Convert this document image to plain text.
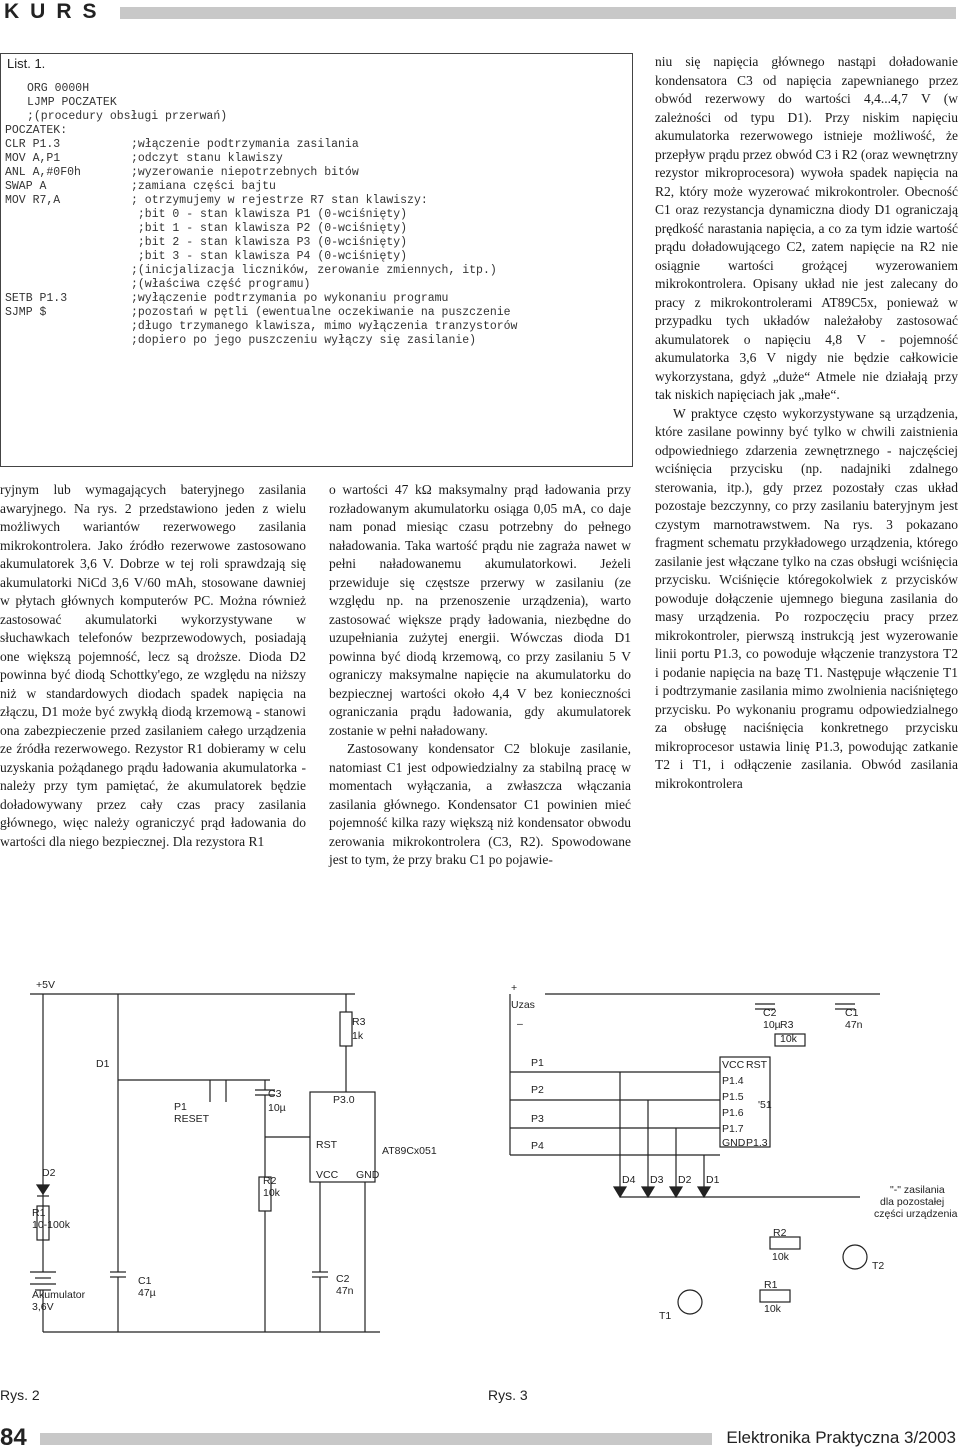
KURS
List. 1.
ORG 0000H
LJMP POCZATEK
;(procedury obsługi przerwań)
POCZATEK:
CLR P1.3	;włączenie podtrzymania zasilania
MOV A,P1	;odczyt stanu klawiszy
ANL A,#0F0h	;wyzerowanie niepotrzebnych bitów
SWAP A	;zamiana części bajtu
MOV R7,A	; otrzymujemy w rejestrze R7 stan klawiszy:
;bit 0 - stan klawisza P1 (0-wciśnięty)
;bit 1 - stan klawisza P2 (0-wciśnięty)
;bit 2 - stan klawisza P3 (0-wciśnięty)
;bit 3 - stan klawisza P4 (0-wciśnięty)
;(inicjalizacja liczników, zerowanie zmiennych, itp.)
;(właściwa część programu)
SETB P1.3	;wyłączenie podtrzymania po wykonaniu programu
SJMP $	;pozostań w pętli (ewentualne oczekiwanie na puszczenie
;długo trzymanego klawisza, mimo wyłączenia tranzystorów
;dopiero po jego puszczeniu wyłączy się zasilanie)

ryjnym lub wymagających bateryjnego zasilania awaryjnego. Na rys. 2 przedstawiono jeden z wielu możliwych wariantów rezerwowego zasilania mikrokontrolera. Jako źródło rezerwowe zastosowano akumulatorek 3,6 V. Dobrze w tej roli sprawdzają się akumulatorki NiCd 3,6 V/60 mAh, stosowane dawniej w płytach głównych komputerów PC. Można również zastosować akumulatorki wykorzystywane w słuchawkach telefonów bezprzewodowych, posiadają one większą pojemność, lecz są droższe. Dioda D2 powinna być diodą Schottky'ego, ze względu na niższy niż w standardowych diodach spadek napięcia na złączu, D1 może być zwykłą diodą krzemową - stanowi ona zabezpieczenie przed zasilaniem całego urządzenia ze źródła rezerwowego. Rezystor R1 dobieramy w celu uzyskania pożądanego prądu ładowania akumulatorka - należy przy tym pamiętać, że akumulatorek będzie doładowywany przez cały czas pracy zasilania głównego, więc należy ograniczyć prąd ładowania do wartości dla niego bezpiecznej. Dla rezystora R1

o wartości 47 kΩ maksymalny prąd ładowania przy rozładowanym akumulatorku osiąga 0,05 mA, co daje nam ponad miesiąc czasu potrzebny do pełnego naładowania. Taka wartość prądu nie zagraża nawet w pełni naładowanemu akumulatorkowi. Jeżeli przewiduje się częstsze przerwy w zasilaniu (ze względu np. na przenoszenie urządzenia), warto zastosować większe prądy ładowania, niezbędne do uzupełniania zużytej energii. Wówczas dioda D1 powinna być diodą krzemową, co przy zasilaniu 5 V ograniczy maksymalne napięcie na akumulatorku do bezpiecznej wartości około 4,4 V bez konieczności ograniczania prądu ładowania, gdy akumulatorek zostanie w pełni naładowany.

Zastosowany kondensator C2 blokuje zasilanie, natomiast C1 jest odpowiedzialny za stabilną pracę w momentach wyłączania, a zwłaszcza włączania zasilania głównego. Kondensator C1 powinien mieć pojemność kilka razy większą niż kondensator obwodu zerowania mikrokontrolera (C3, R2). Spowodowane jest to tym, że przy braku C1 po pojawie-

niu się napięcia głównego nastąpi doładowanie kondensatora C3 od napięcia zapewnianego przez obwód rezerwowy do wartości 4,4...4,7 V (w zależności od typu D1). Przy niskim napięciu akumulatorka rezerwowego istnieje możliwość, że przepływ prądu przez obwód C3 i R2 (oraz wewnętrzny rezystor mikroprocesora) wywoła spadek napięcia na R2, który może wyzerować mikrokontroler. Obecność C1 oraz rezystancja dynamiczna diody D1 ograniczają prędkość narastania napięcia, a co za tym idzie wartość prądu doładowującego C2, zatem napięcie na R2 nie osiągnie wartości grożącej wyzerowaniem mikrokontrolera. Opisany układ nie jest zalecany do pracy z mikrokontrolerami AT89C5x, ponieważ w przypadku tych układów należałoby zastosować akumulatorek o napięciu 4,8 V - pojemność akumulatorka 3,6 V nigdy nie będzie całkowicie wykorzystana, gdyż „duże“ Atmele nie działają przy tak niskich napięciach jak „małe“.

W praktyce często wykorzystywane są urządzenia, które zasilane powinny być tylko w chwili zaistnienia odpowiedniego zdarzenia zewnętrznego - najczęściej wciśnięcia przycisku (np. nadajniki zdalnego sterowania, itp.), gdy przez pozostały czas układ pozostaje bezczynny, co przy zasilaniu bateryjnym jest czystym marnotrawstwem. Na rys. 3 pokazano fragment schematu przykładowego urządzenia, którego zasilanie jest włączane tylko na czas obsługi wciśnięcia przycisku. Wciśnięcie któregokolwiek z przycisków powoduje dołączenie ujemnego bieguna zasilania do masy urządzenia. Po rozpoczęciu pracy przez mikrokontroler, pierwszą instrukcją jest wyzerowanie linii portu P1.3, co powoduje włączenie tranzystora T2 i podanie napięcia na bazę T1. Następuje włączenie T1 i podtrzymanie zasilania mimo zwolnienia naciśniętego przycisku. Po wykonaniu programu odpowiedzialnego za obsługę naciśnięcia konkretnego przycisku mikroprocesor ustawia linię P1.3, powodując zatkanie T2 i T1, i odłączenie zasilania. Obwód zasilania mikrokontrolera

+5V
D1
R3
1k
P1
RESET
C3
10µ
P3.0
RST	AT89Cx051
VCC GND
R2
10k
D2
R1
10-100k
Akumulator
3,6V
C1
47µ
C2
47n
+
Uzas
–
C2
10µ R3
10k
C1
47n
VCC RST
P1.4
P1.5
'51
P1.6
P1.7
GND P1.3
P1
P2
P3
P4
D4 D3 D2 D1
"-" zasilania
dla pozostałej
części urządzenia
R2
10k
T2
R1
10k
T1
Rys. 2	Rys. 3
84	Elektronika Praktyczna 3/2003
